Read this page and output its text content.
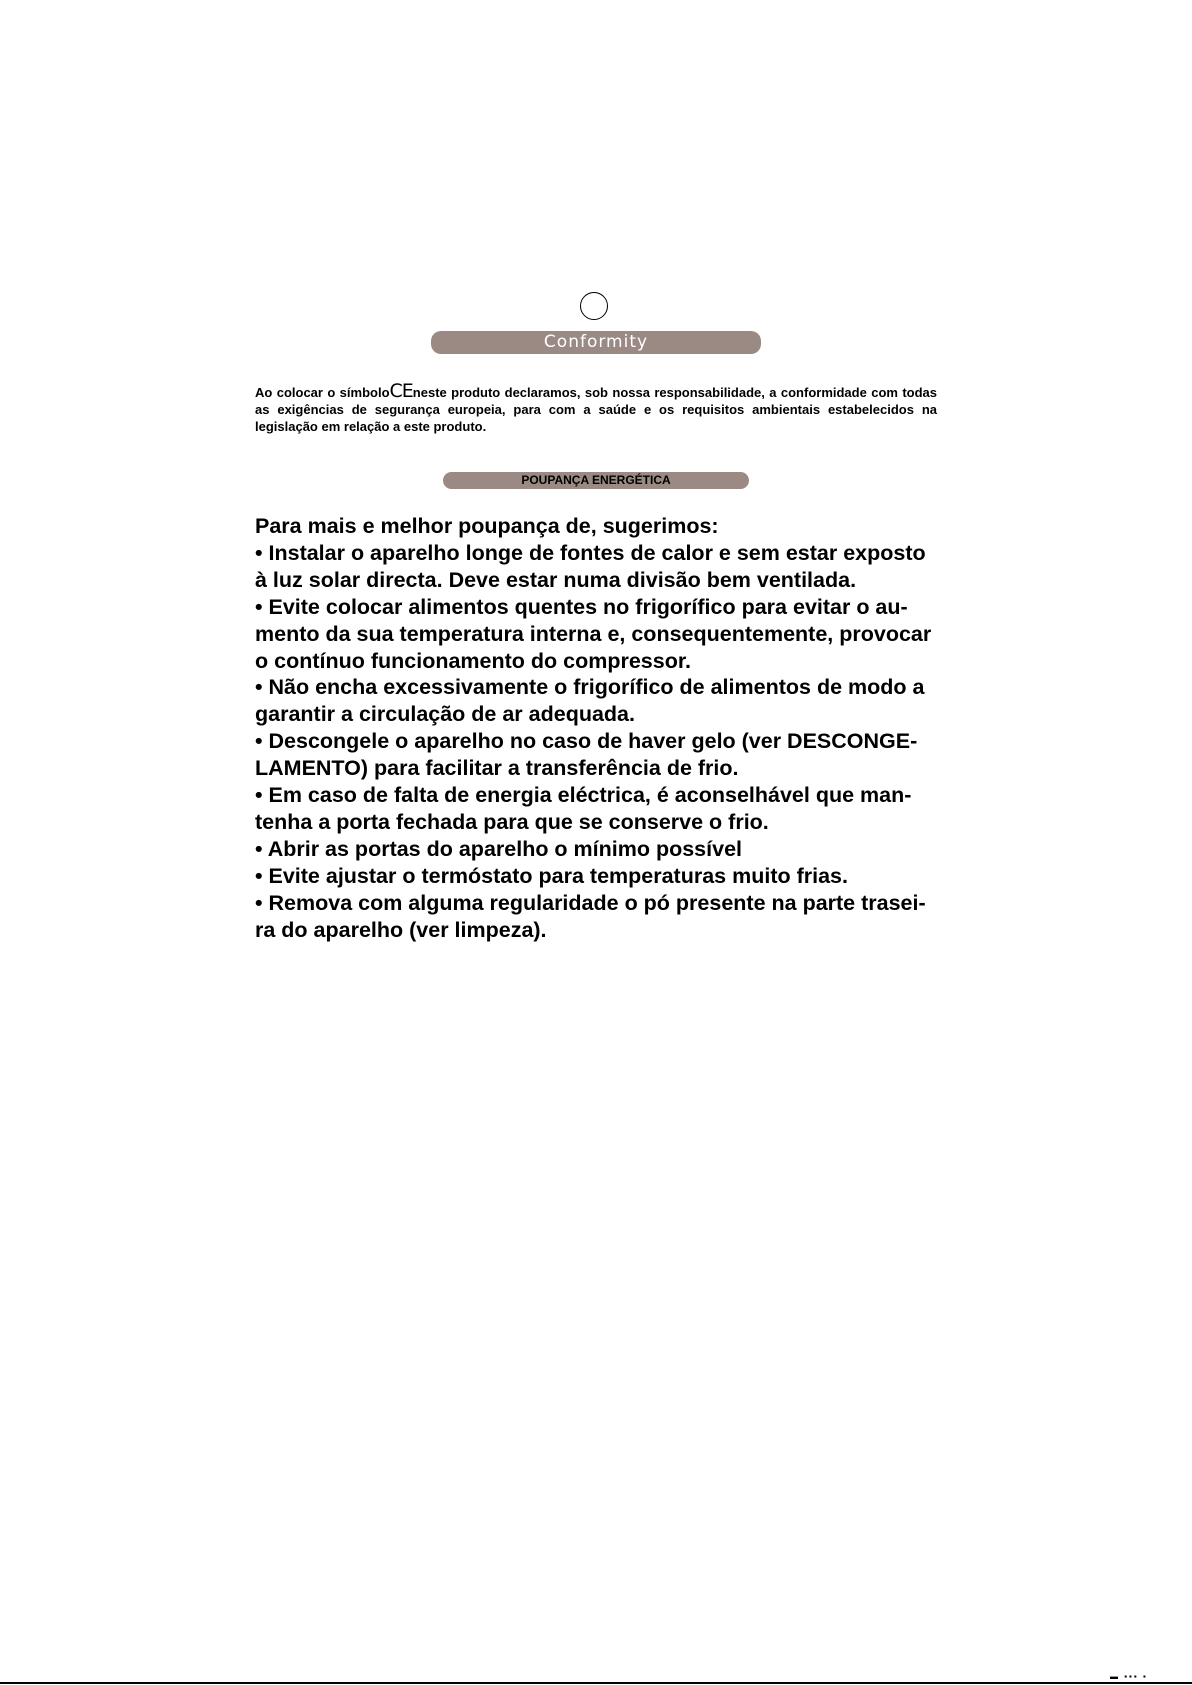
Conformity

Ao colocar o símboloCEneste produto declaramos, sob nossa responsabilidade, a conformidade com todas as exigências de segurança europeia, para com a saúde e os requisitos ambientais estabelecidos na legislação em relação a este produto.

POUPANÇA ENERGÉTICA
Para mais e melhor poupança de, sugerimos:
• Instalar o aparelho longe de fontes de calor e sem estar exposto
à luz solar directa. Deve estar numa divisão bem ventilada.
• Evite colocar alimentos quentes no frigorífico para evitar o au-
mento da sua temperatura interna e, consequentemente, provocar
o contínuo funcionamento do compressor.
• Não encha excessivamente o frigorífico de alimentos de modo a
garantir a circulação de ar adequada.
• Descongele o aparelho no caso de haver gelo (ver DESCONGE-
LAMENTO) para facilitar a transferência de frio.
• Em caso de falta de energia eléctrica, é aconselhável que man-
tenha a porta fechada para que se conserve o frio.
• Abrir as portas do aparelho o mínimo possível
• Evite ajustar o termóstato para temperaturas muito frias.
• Remova com alguma regularidade o pó presente na parte trasei-
ra do aparelho (ver limpeza).
▬ ▪▪▪ ▪
